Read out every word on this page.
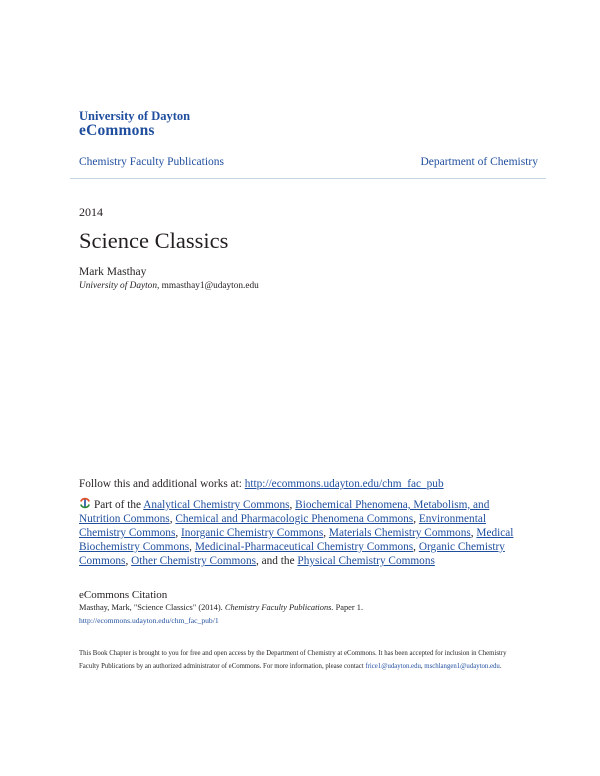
University of Dayton
eCommons
Chemistry Faculty Publications	Department of Chemistry
2014
Science Classics
Mark Masthay
University of Dayton, mmasthay1@udayton.edu
Follow this and additional works at: http://ecommons.udayton.edu/chm_fac_pub
Part of the Analytical Chemistry Commons, Biochemical Phenomena, Metabolism, and Nutrition Commons, Chemical and Pharmacologic Phenomena Commons, Environmental Chemistry Commons, Inorganic Chemistry Commons, Materials Chemistry Commons, Medical Biochemistry Commons, Medicinal-Pharmaceutical Chemistry Commons, Organic Chemistry Commons, Other Chemistry Commons, and the Physical Chemistry Commons
eCommons Citation
Masthay, Mark, "Science Classics" (2014). Chemistry Faculty Publications. Paper 1.
http://ecommons.udayton.edu/chm_fac_pub/1
This Book Chapter is brought to you for free and open access by the Department of Chemistry at eCommons. It has been accepted for inclusion in Chemistry Faculty Publications by an authorized administrator of eCommons. For more information, please contact frice1@udayton.edu, mschlangen1@udayton.edu.
